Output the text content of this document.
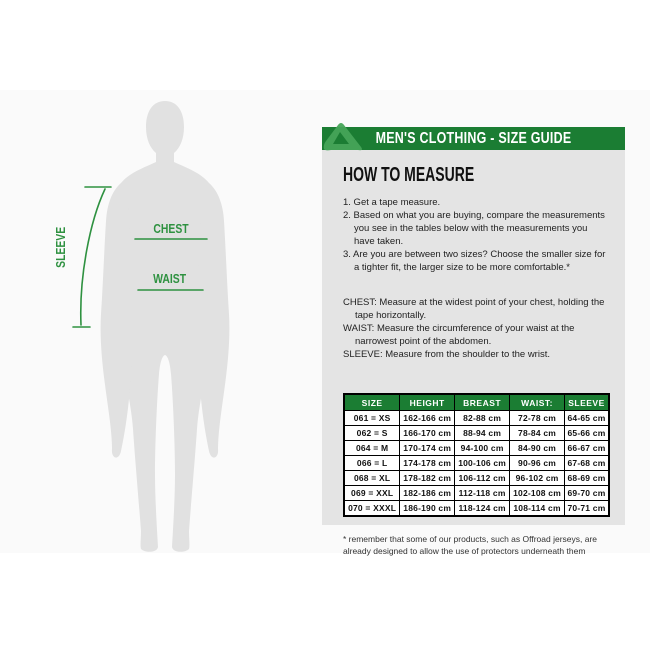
CHEST
WAIST
SLEEVE
MEN'S CLOTHING - SIZE GUIDE
HOW TO MEASURE
1. Get a tape measure.
2. Based on what you are buying, compare the measurements you see in the tables below with the measurements you have taken.
3. Are you are between two sizes? Choose the smaller size for a tighter fit, the larger size to be more comfortable.*
CHEST: Measure at the widest point of your chest, holding the tape horizontally.
WAIST: Measure the circumference of your waist at the narrowest point of the abdomen.
SLEEVE: Measure from the shoulder to the wrist.
SIZE	HEIGHT	BREAST	WAIST:	SLEEVE
061 = XS	162-166 cm	82-88 cm	72-78 cm	64-65 cm
062 = S	166-170 cm	88-94 cm	78-84 cm	65-66 cm
064 = M	170-174 cm	94-100 cm	84-90 cm	66-67 cm
066 = L	174-178 cm	100-106 cm	90-96 cm	67-68 cm
068 = XL	178-182 cm	106-112 cm	96-102 cm	68-69 cm
069 = XXL	182-186 cm	112-118 cm	102-108 cm	69-70 cm
070 = XXXL	186-190 cm	118-124 cm	108-114 cm	70-71 cm
* remember that some of our products, such as Offroad jerseys, are already designed to allow the use of protectors underneath them
